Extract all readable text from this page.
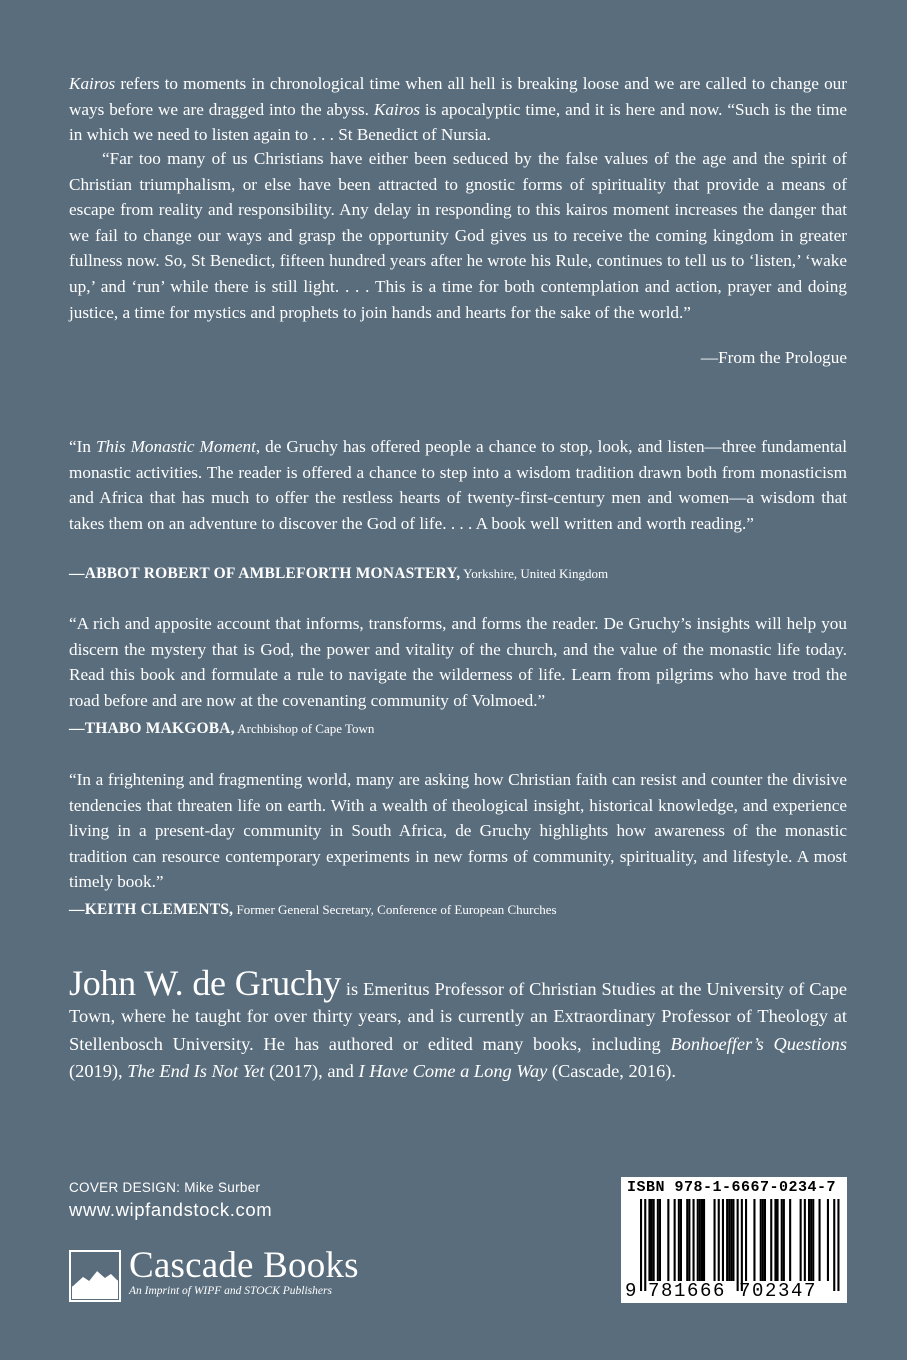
Kairos refers to moments in chronological time when all hell is breaking loose and we are called to change our ways before we are dragged into the abyss. Kairos is apocalyptic time, and it is here and now. “Such is the time in which we need to listen again to . . . St Benedict of Nursia.

“Far too many of us Christians have either been seduced by the false values of the age and the spirit of Christian triumphalism, or else have been attracted to gnostic forms of spirituality that provide a means of escape from reality and responsibility. Any delay in responding to this kairos moment increases the danger that we fail to change our ways and grasp the opportunity God gives us to receive the coming kingdom in greater fullness now. So, St Benedict, fifteen hundred years after he wrote his Rule, continues to tell us to ‘listen,’ ‘wake up,’ and ‘run’ while there is still light. . . . This is a time for both contemplation and action, prayer and doing justice, a time for mystics and prophets to join hands and hearts for the sake of the world.”

—From the Prologue

“In This Monastic Moment, de Gruchy has offered people a chance to stop, look, and listen—three fundamental monastic activities. The reader is offered a chance to step into a wisdom tradition drawn both from monasticism and Africa that has much to offer the restless hearts of twenty-first-century men and women—a wisdom that takes them on an adventure to discover the God of life. . . . A book well written and worth reading.”

—ABBOT ROBERT OF AMBLEFORTH MONASTERY, Yorkshire, United Kingdom

“A rich and apposite account that informs, transforms, and forms the reader. De Gruchy’s insights will help you discern the mystery that is God, the power and vitality of the church, and the value of the monastic life today. Read this book and formulate a rule to navigate the wilderness of life. Learn from pilgrims who have trod the road before and are now at the covenanting community of Volmoed.”

—THABO MAKGOBA, Archbishop of Cape Town

“In a frightening and fragmenting world, many are asking how Christian faith can resist and counter the divisive tendencies that threaten life on earth. With a wealth of theological insight, historical knowledge, and experience living in a present-day community in South Africa, de Gruchy highlights how awareness of the monastic tradition can resource contemporary experiments in new forms of community, spirituality, and lifestyle. A most timely book.”

—KEITH CLEMENTS, Former General Secretary, Conference of European Churches

John W. de Gruchy is Emeritus Professor of Christian Studies at the University of Cape Town, where he taught for over thirty years, and is currently an Extraordinary Professor of Theology at Stellenbosch University. He has authored or edited many books, including Bonhoeffer’s Questions (2019), The End Is Not Yet (2017), and I Have Come a Long Way (Cascade, 2016).

COVER DESIGN: Mike Surber
www.wipfandstock.com
Cascade Books
An Imprint of WIPF and STOCK Publishers
ISBN 978-1-6667-0234-7
9 781666 702347
